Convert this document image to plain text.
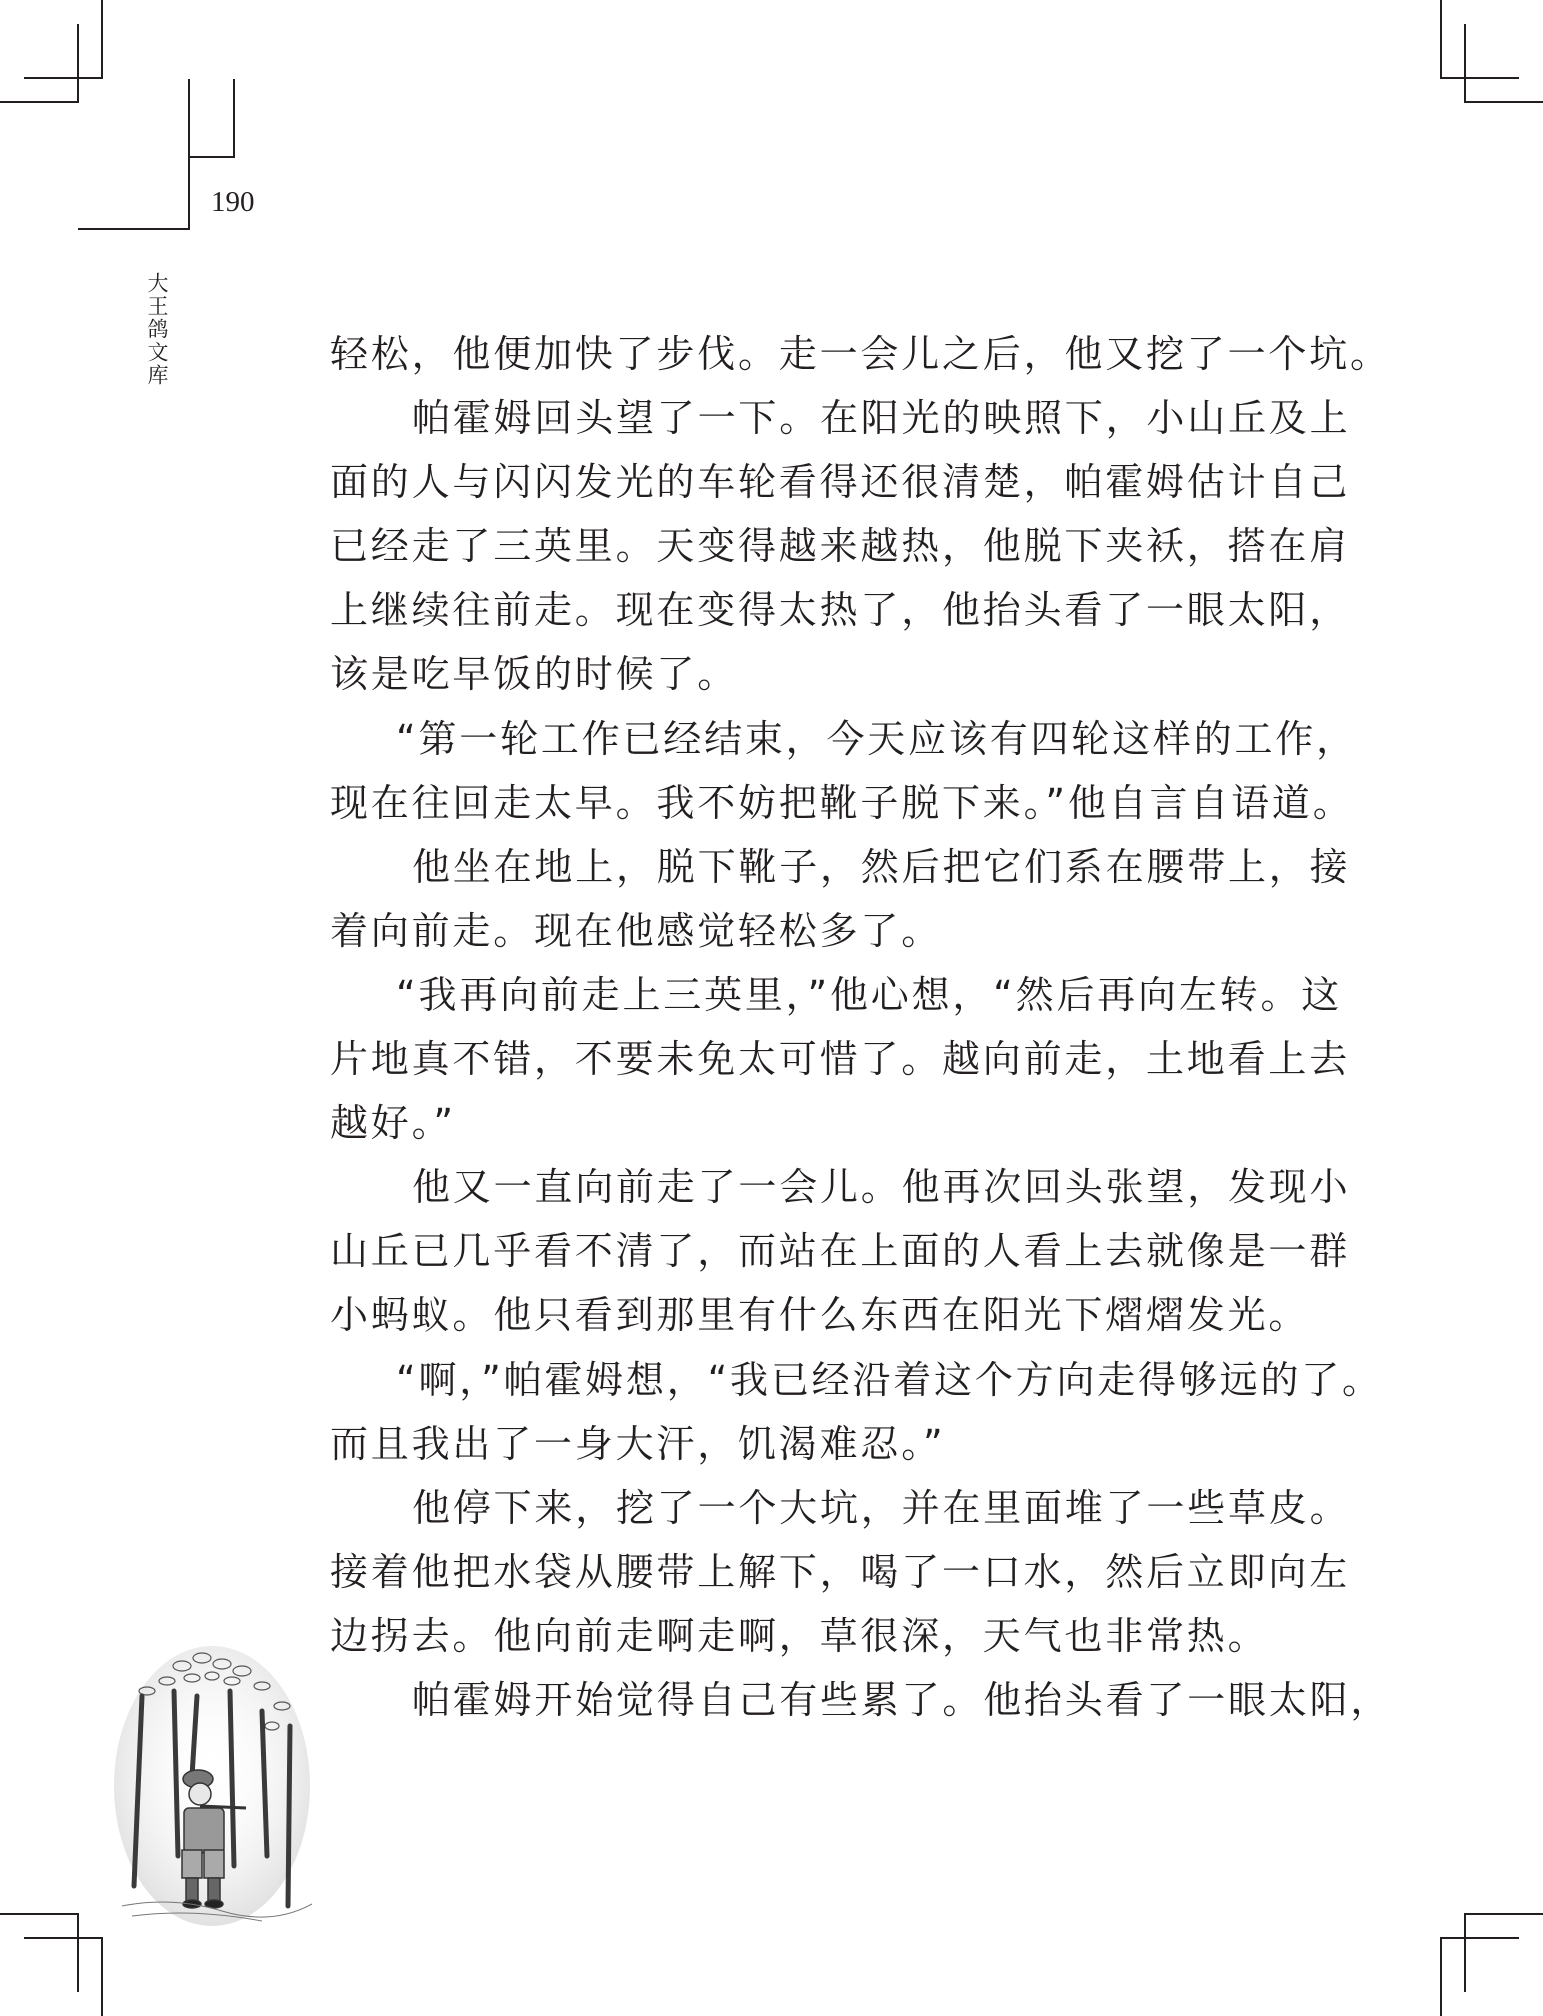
190
大王鸽文库	轻松，他便加快了步伐。走一会儿之后，他又挖了一个坑。

帕霍姆回头望了一下。在阳光的映照下，小山丘及上

面的人与闪闪发光的车轮看得还很清楚，帕霍姆估计自己

已经走了三英里。天变得越来越热，他脱下夹袄，搭在肩

上继续往前走。现在变得太热了，他抬头看了一眼太阳，

该是吃早饭的时候了。

“第一轮工作已经结束，今天应该有四轮这样的工作，

现在往回走太早。我不妨把靴子脱下来。”他自言自语道。

他坐在地上，脱下靴子，然后把它们系在腰带上，接

着向前走。现在他感觉轻松多了。

“我再向前走上三英里，”他心想，“然后再向左转。这

片地真不错，不要未免太可惜了。越向前走，土地看上去

越好。”

他又一直向前走了一会儿。他再次回头张望，发现小

山丘已几乎看不清了，而站在上面的人看上去就像是一群

小蚂蚁。他只看到那里有什么东西在阳光下熠熠发光。

“啊，”帕霍姆想，“我已经沿着这个方向走得够远的了。

而且我出了一身大汗，饥渴难忍。”

他停下来，挖了一个大坑，并在里面堆了一些草皮。

接着他把水袋从腰带上解下，喝了一口水，然后立即向左

边拐去。他向前走啊走啊，草很深，天气也非常热。

帕霍姆开始觉得自己有些累了。他抬头看了一眼太阳，
